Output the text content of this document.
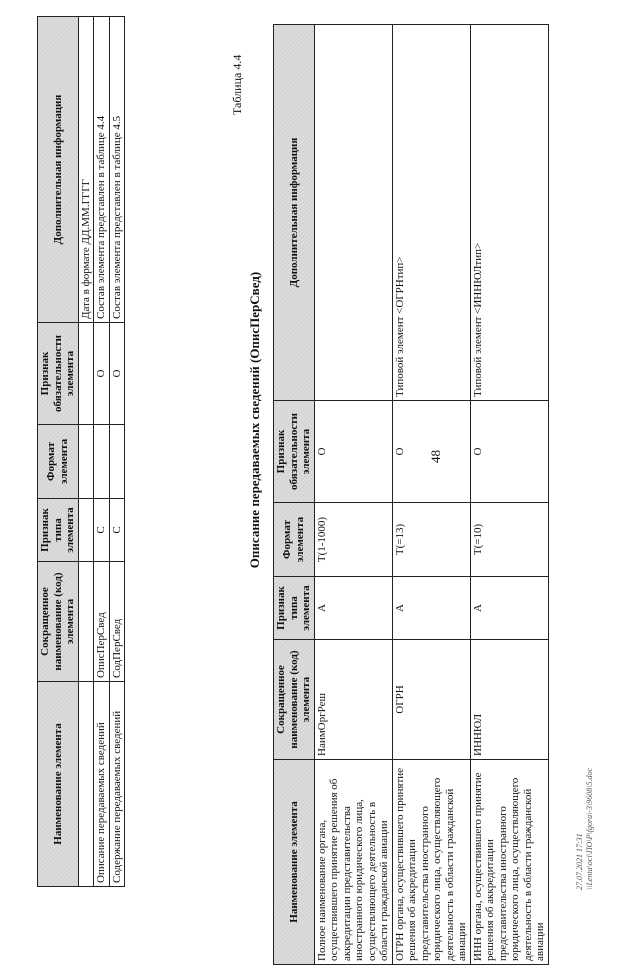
48
Наименование элемента	Сокращенное наименование (код) элемента	Признак типа элемента	Формат элемента	Признак обязательности элемента	Дополнительная информация
					Дата в формате ДД.ММ.ГГГГ
Описание передаваемых сведений	ОписПерСвед	С		О	Состав элемента представлен в таблице 4.4
Содержание передаваемых сведений	СодПерСвед	С		О	Состав элемента представлен в таблице 4.5
Таблица 4.4
Описание передаваемых сведений (ОписПерСвед)
Наименование элемента	Сокращенное наименование (код) элемента	Признак типа элемента	Формат элемента	Признак обязательности элемента	Дополнительная информация
Полное наименование органа, осуществившего принятие решения об аккредитации представительства иностранного юридического лица, осуществляющего деятельность в области гражданской авиации	НаимОргРеш	А	T(1-1000)	О	
ОГРН органа, осуществившего принятие решения об аккредитации представительства иностранного юридического лица, осуществляющего деятельность в области гражданской авиации	ОГРН	А	T(=13)	О	Типовой элемент <ОГРНтип>
ИНН органа, осуществившего принятие решения об аккредитации представительства иностранного юридического лица, осуществляющего деятельность в области гражданской авиации	ИННЮЛ	А	T(=10)	О	Типовой элемент <ИННЮЛтип>
27.07.2021 17:31 \\Lenta\oci\ПО\Р\fgora\-3\9608\5.doc
